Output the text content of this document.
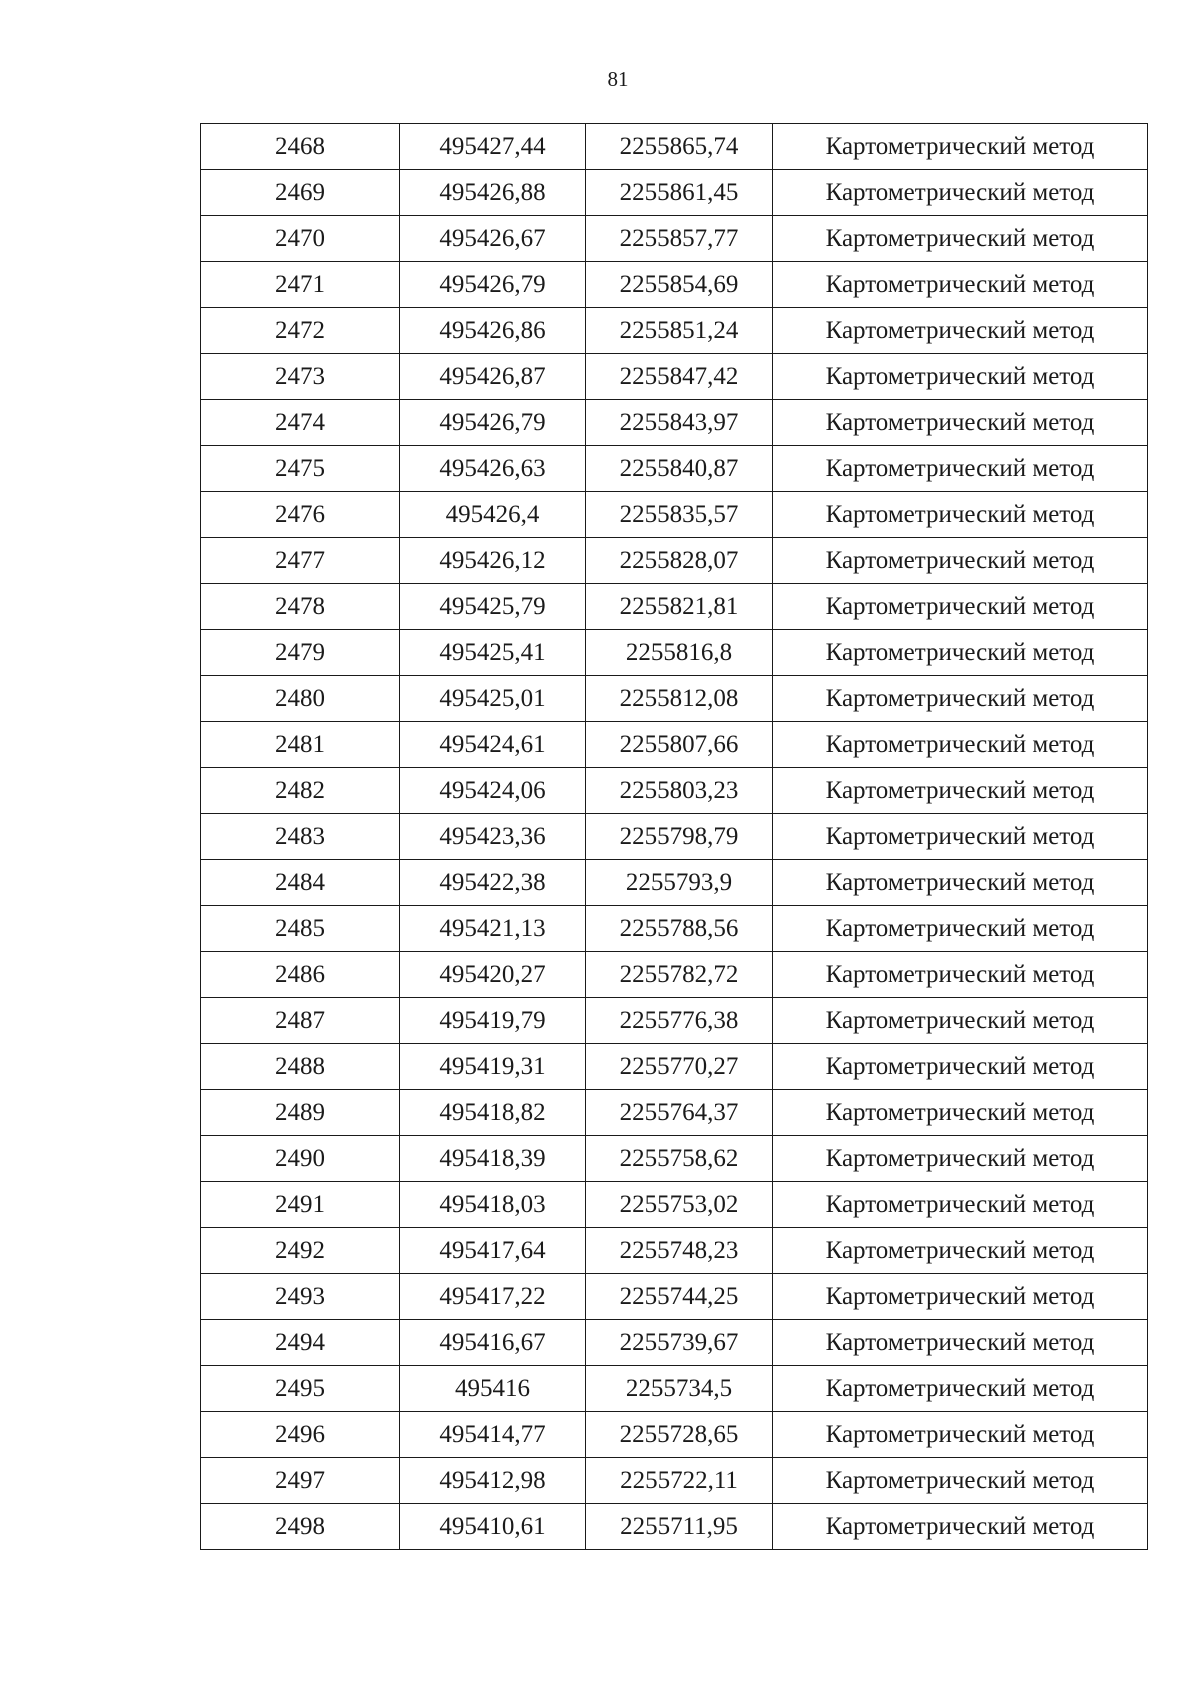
81
2468	495427,44	2255865,74	Картометрический метод
2469	495426,88	2255861,45	Картометрический метод
2470	495426,67	2255857,77	Картометрический метод
2471	495426,79	2255854,69	Картометрический метод
2472	495426,86	2255851,24	Картометрический метод
2473	495426,87	2255847,42	Картометрический метод
2474	495426,79	2255843,97	Картометрический метод
2475	495426,63	2255840,87	Картометрический метод
2476	495426,4	2255835,57	Картометрический метод
2477	495426,12	2255828,07	Картометрический метод
2478	495425,79	2255821,81	Картометрический метод
2479	495425,41	2255816,8	Картометрический метод
2480	495425,01	2255812,08	Картометрический метод
2481	495424,61	2255807,66	Картометрический метод
2482	495424,06	2255803,23	Картометрический метод
2483	495423,36	2255798,79	Картометрический метод
2484	495422,38	2255793,9	Картометрический метод
2485	495421,13	2255788,56	Картометрический метод
2486	495420,27	2255782,72	Картометрический метод
2487	495419,79	2255776,38	Картометрический метод
2488	495419,31	2255770,27	Картометрический метод
2489	495418,82	2255764,37	Картометрический метод
2490	495418,39	2255758,62	Картометрический метод
2491	495418,03	2255753,02	Картометрический метод
2492	495417,64	2255748,23	Картометрический метод
2493	495417,22	2255744,25	Картометрический метод
2494	495416,67	2255739,67	Картометрический метод
2495	495416	2255734,5	Картометрический метод
2496	495414,77	2255728,65	Картометрический метод
2497	495412,98	2255722,11	Картометрический метод
2498	495410,61	2255711,95	Картометрический метод
